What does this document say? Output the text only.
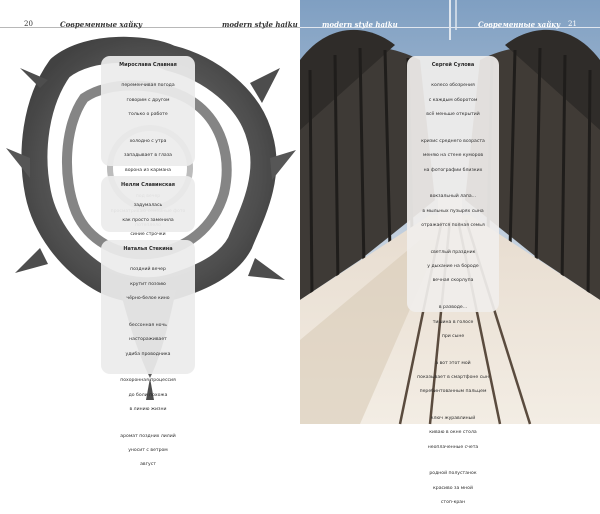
20	Современные хайку	modern style haiku
Мирослава Славная

переменчивая погода

говорим с другом

только о работе

холодно с утра

западывает в глаза

ворона из кармана

Нелли Славинская

задумалась

как просто заменила

синие строчки

Наталья Стекина

поздний вечер

крутит поэзию

чёрно-белое кино

бессонная ночь

настораживает

удиба проводника

похоронная процессия

до боли похожа

в линию жизни

аромат поздних лилий

уносит с ветром

август

modern style haiku	Современные хайку 21
Сергей Сулова

колесо обозрения

с каждым оборотом

всё меньше открытий

кризис среднего возраста

меняю на стене куморов

на фотографии близких

вокзальный лапа...

в мыльных пузырях сына

отражается полная семья

светлый праздник

у дыхание на бороде

вечная скорлупа

в разводе...

тишина в голосе

при сыне

а вот этот мой

показывает в смартфоне сын

перебинтованным пальцем

ключ журавлиный

киваю в окне стола

неоплаченные счета

родной полустанок

красиво за мной

стоп-кран
